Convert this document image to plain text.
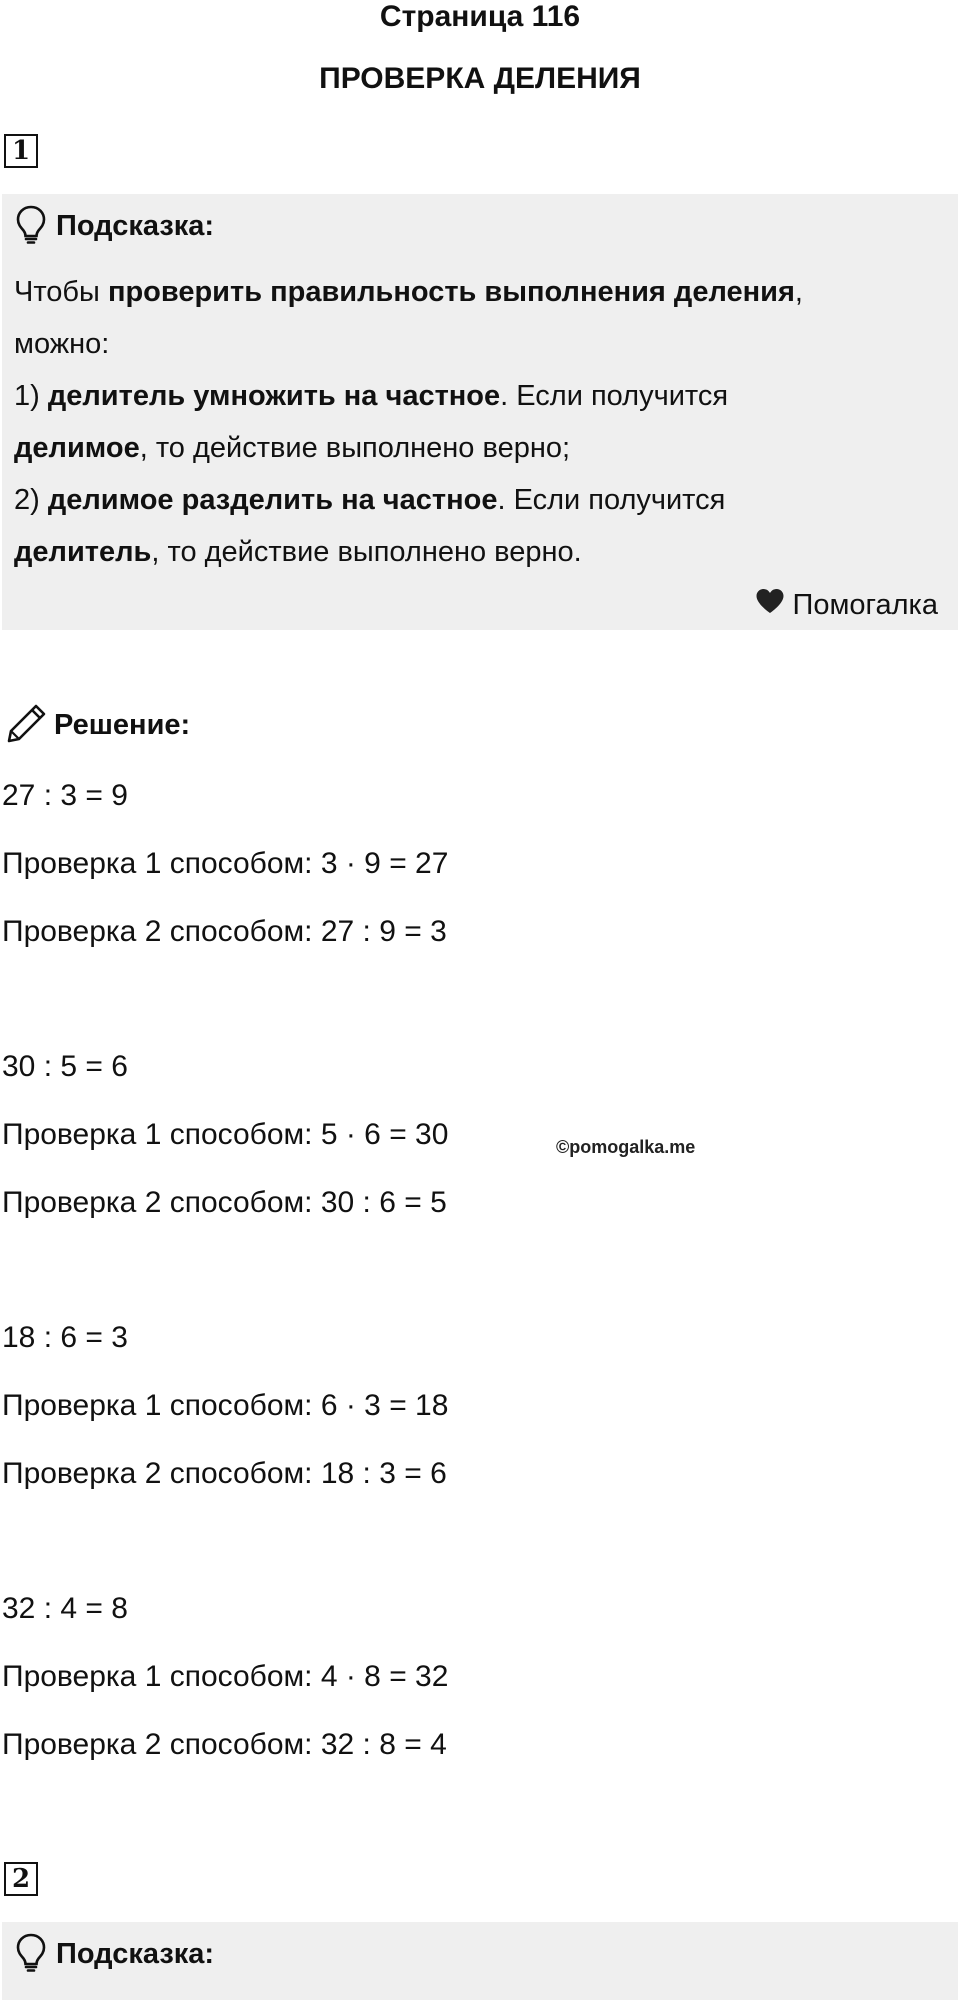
Страница 116
ПРОВЕРКА ДЕЛЕНИЯ
1
Подсказка:
Чтобы проверить правильность выполнения деления,
можно:
1) делитель умножить на частное. Если получится
делимое, то действие выполнено верно;
2) делимое разделить на частное. Если получится
делитель, то действие выполнено верно.
Помогалка
Решение:
27 : 3 = 9
Проверка 1 способом: 3 · 9 = 27
Проверка 2 способом: 27 : 9 = 3
30 : 5 = 6
Проверка 1 способом: 5 · 6 = 30
Проверка 2 способом: 30 : 6 = 5
18 : 6 = 3
Проверка 1 способом: 6 · 3 = 18
Проверка 2 способом: 18 : 3 = 6
32 : 4 = 8
Проверка 1 способом: 4 · 8 = 32
Проверка 2 способом: 32 : 8 = 4
©pomogalka.me
2
Подсказка:
